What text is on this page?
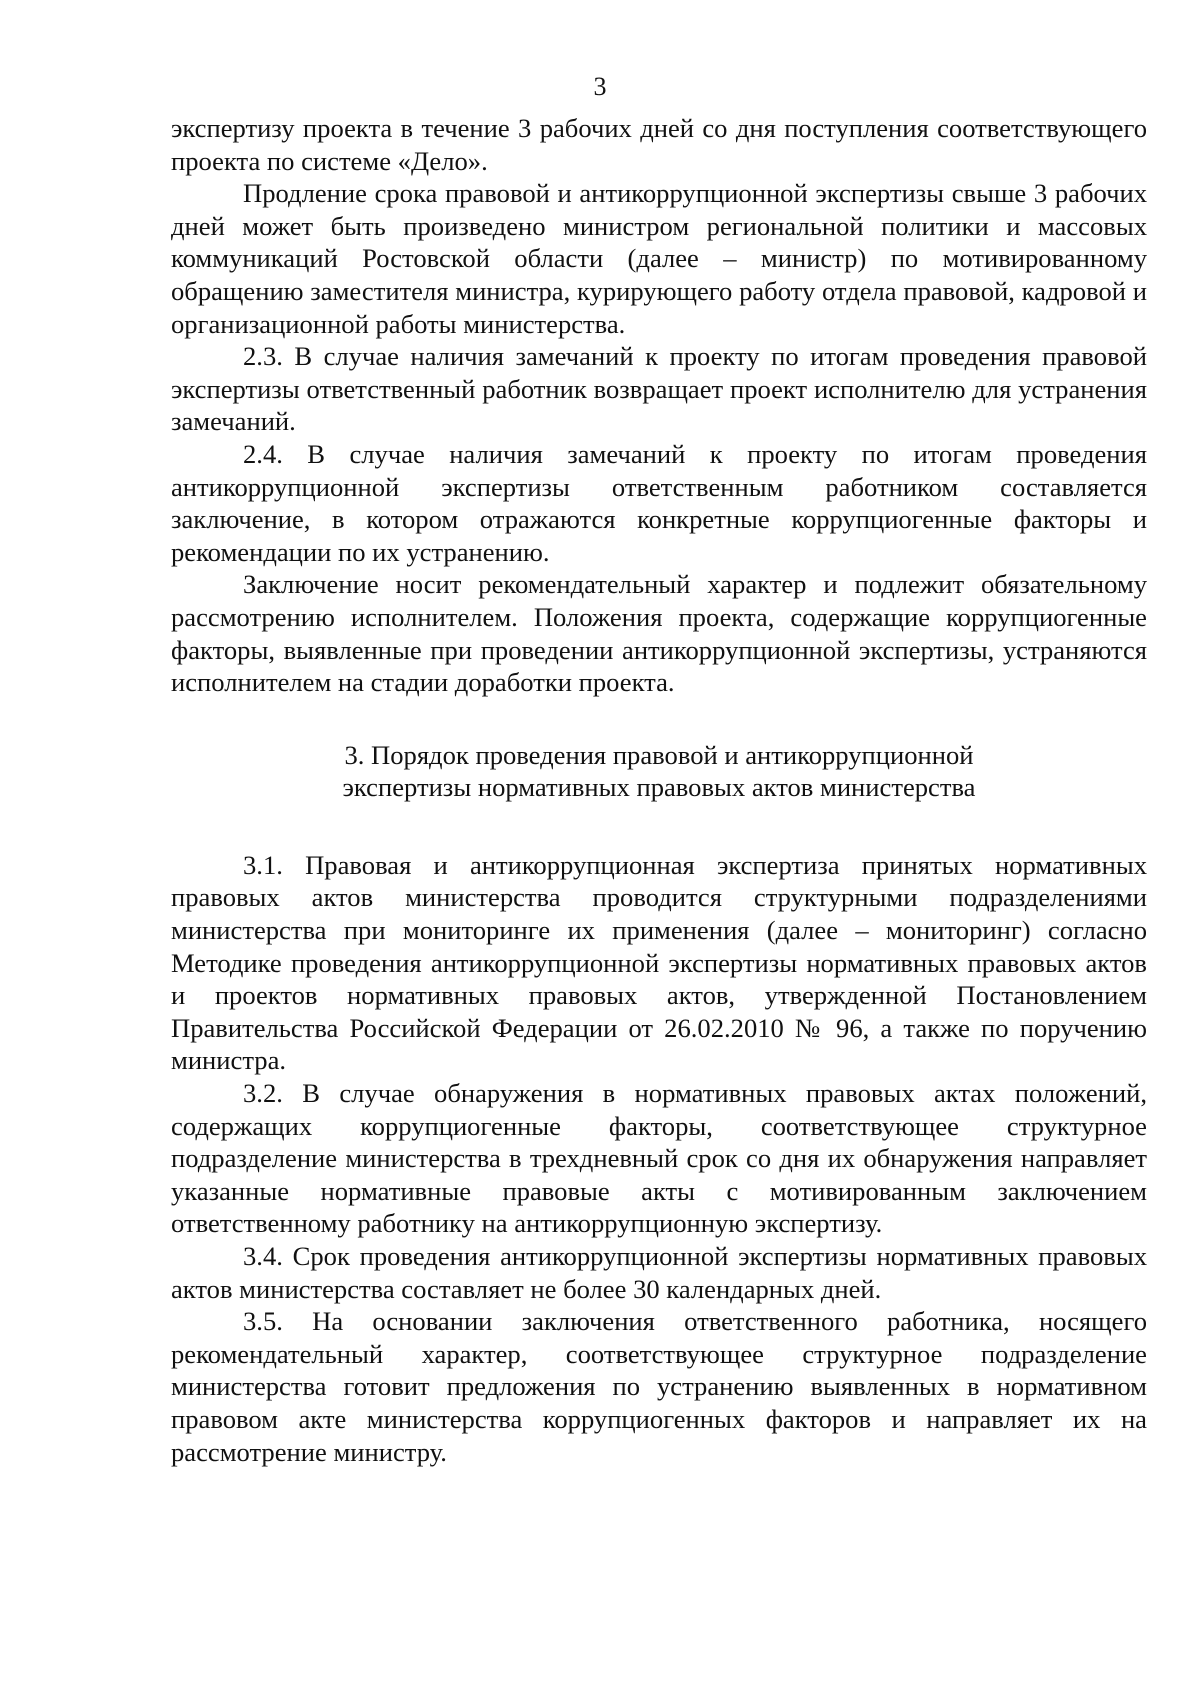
3

экспертизу проекта в течение 3 рабочих дней со дня поступления соответствующего проекта по системе «Дело».

Продление срока правовой и антикоррупционной экспертизы свыше 3 рабочих дней может быть произведено министром региональной политики и массовых коммуникаций Ростовской области (далее – министр) по мотивированному обращению заместителя министра, курирующего работу отдела правовой, кадровой и организационной работы министерства.

2.3. В случае наличия замечаний к проекту по итогам проведения правовой экспертизы ответственный работник возвращает проект исполнителю для устранения замечаний.

2.4. В случае наличия замечаний к проекту по итогам проведения антикоррупционной экспертизы ответственным работником составляется заключение, в котором отражаются конкретные коррупциогенные факторы и рекомендации по их устранению.

Заключение носит рекомендательный характер и подлежит обязательному рассмотрению исполнителем. Положения проекта, содержащие коррупциогенные факторы, выявленные при проведении антикоррупционной экспертизы, устраняются исполнителем на стадии доработки проекта.

3. Порядок проведения правовой и антикоррупционной
экспертизы нормативных правовых актов министерства

3.1. Правовая и антикоррупционная экспертиза принятых нормативных правовых актов министерства проводится структурными подразделениями министерства при мониторинге их применения (далее – мониторинг) согласно Методике проведения антикоррупционной экспертизы нормативных правовых актов и проектов нормативных правовых актов, утвержденной Постановлением Правительства Российской Федерации от 26.02.2010 № 96, а также по поручению министра.

3.2. В случае обнаружения в нормативных правовых актах положений, содержащих коррупциогенные факторы, соответствующее структурное подразделение министерства в трехдневный срок со дня их обнаружения направляет указанные нормативные правовые акты с мотивированным заключением ответственному работнику на антикоррупционную экспертизу.

3.4. Срок проведения антикоррупционной экспертизы нормативных правовых актов министерства составляет не более 30 календарных дней.

3.5. На основании заключения ответственного работника, носящего рекомендательный характер, соответствующее структурное подразделение министерства готовит предложения по устранению выявленных в нормативном правовом акте министерства коррупциогенных факторов и направляет их на рассмотрение министру.
